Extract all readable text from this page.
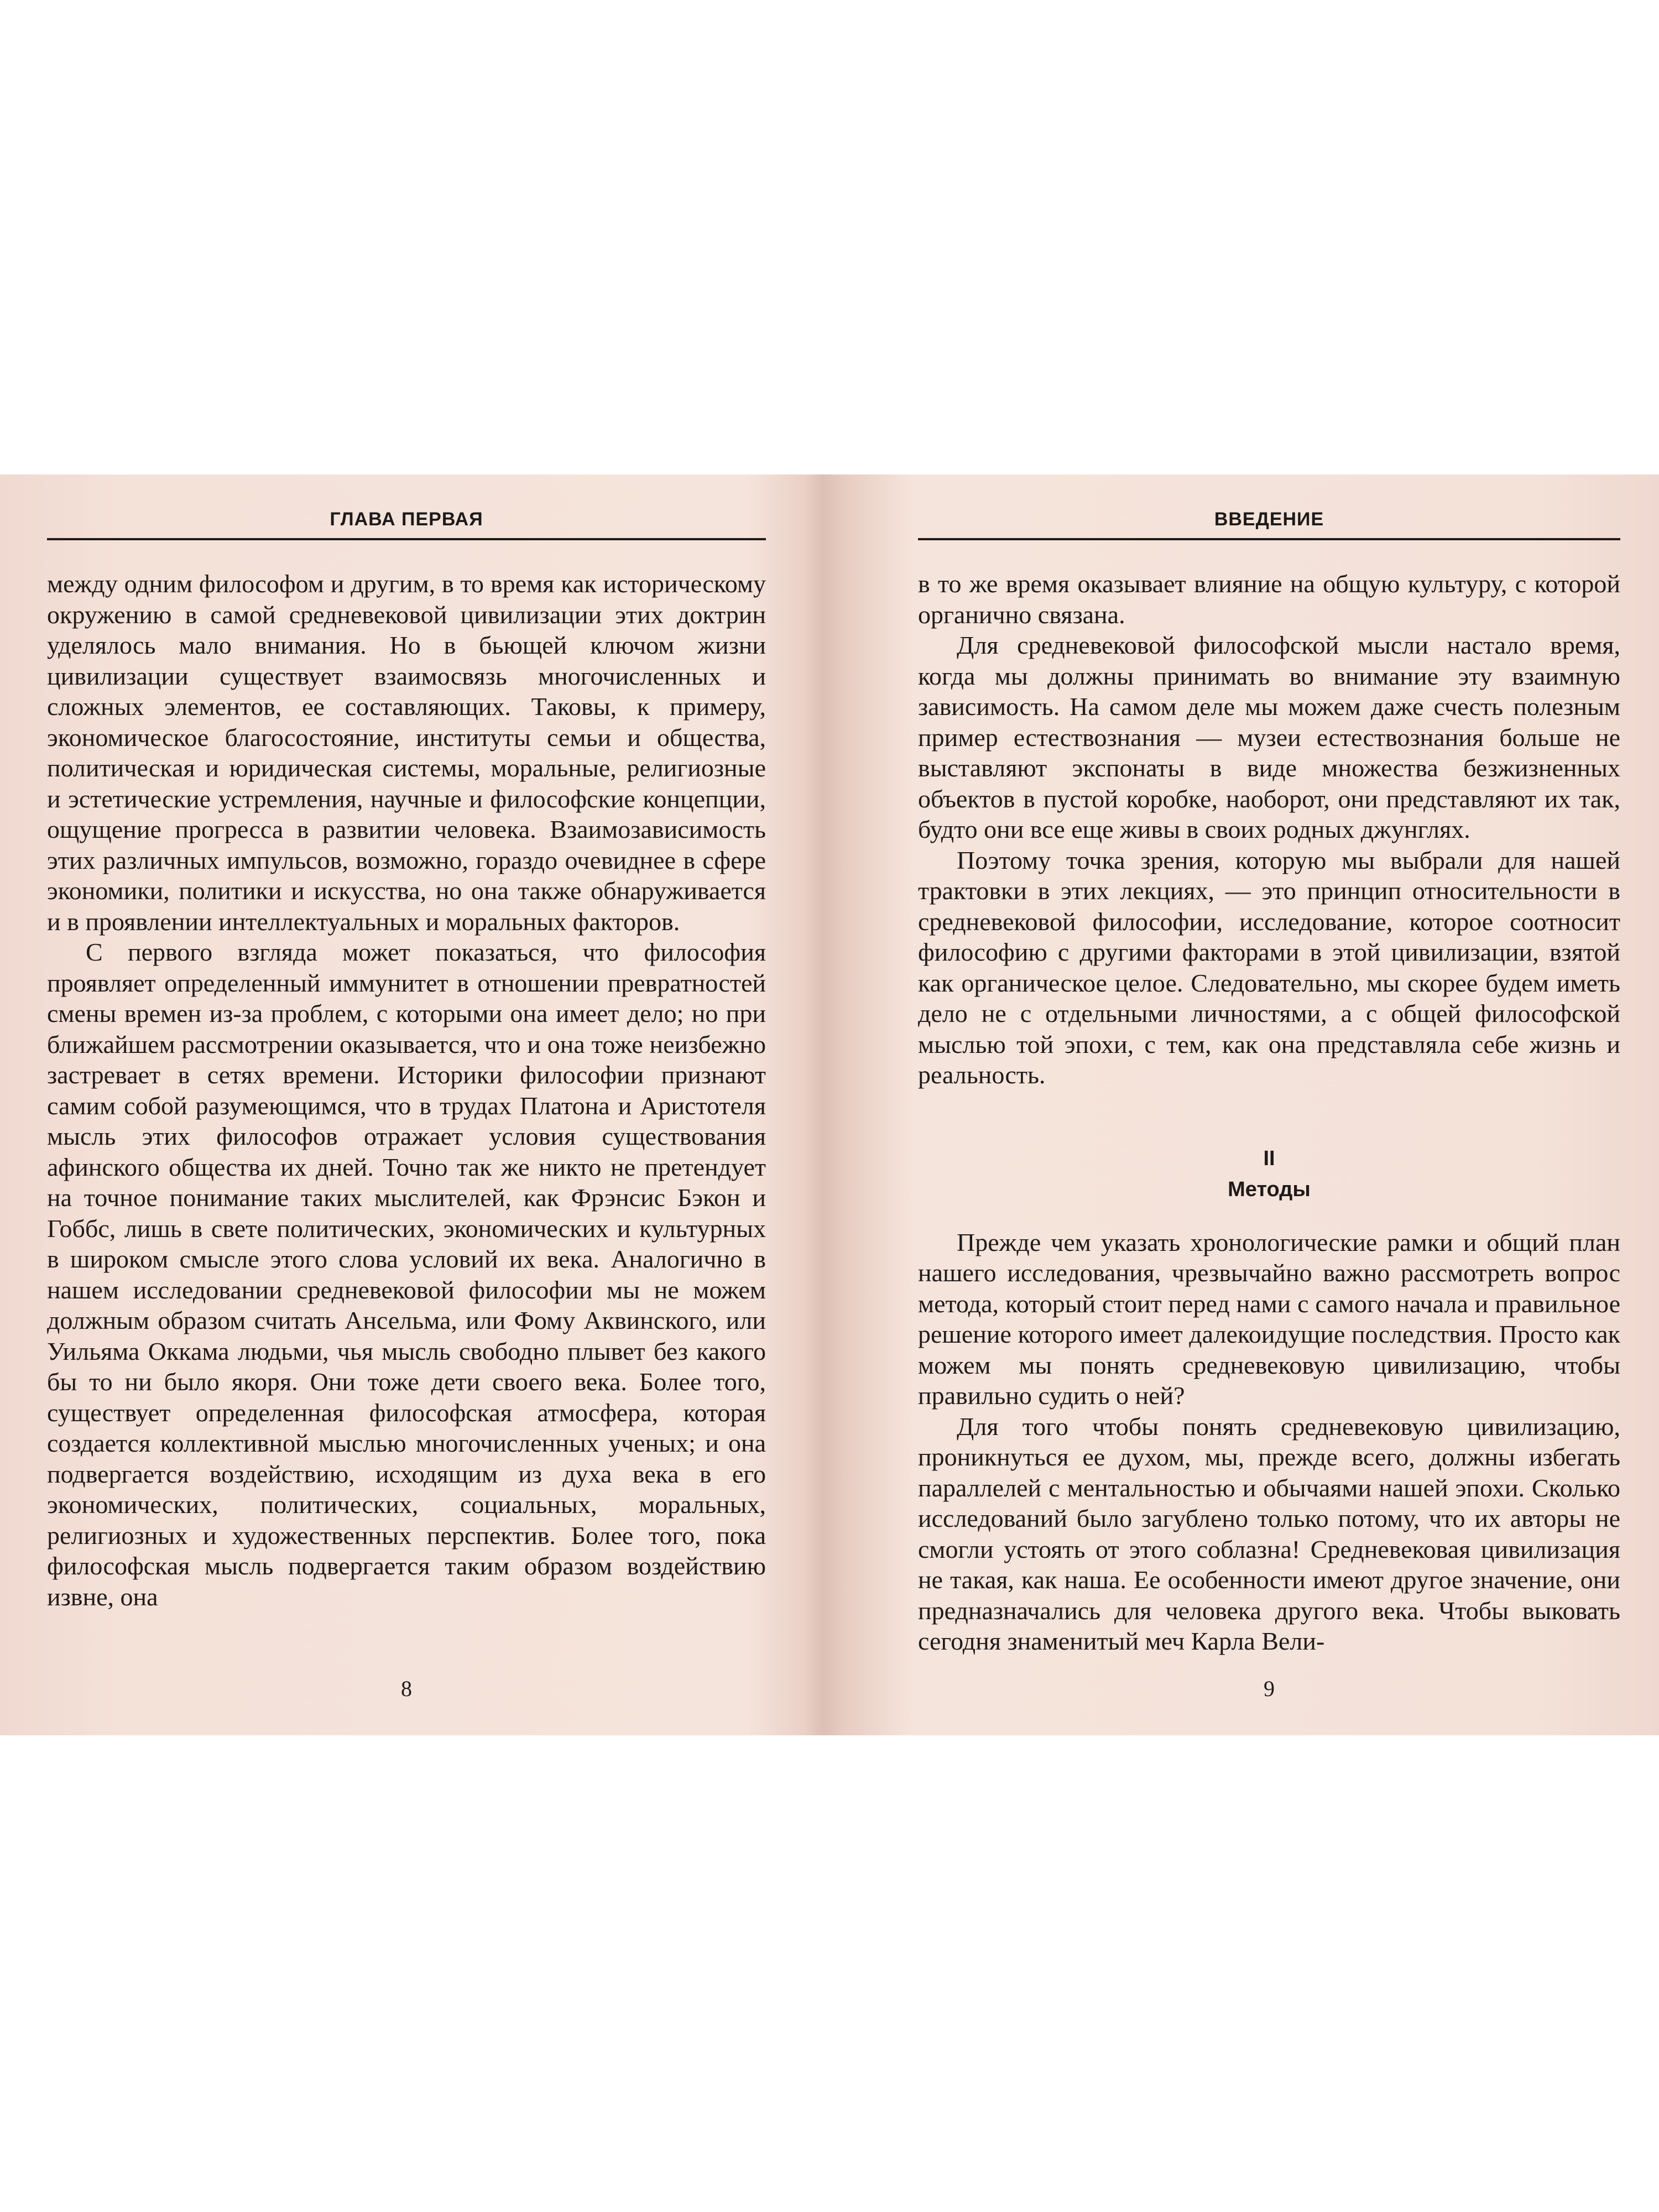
ГЛАВА ПЕРВАЯ

между одним философом и другим, в то время как историческому окружению в самой средневековой цивилизации этих доктрин уделялось мало внимания. Но в бьющей ключом жизни цивилизации существует взаимосвязь многочисленных и сложных элементов, ее составляющих. Таковы, к примеру, экономическое благосостояние, институты семьи и общества, политическая и юридическая системы, моральные, религиозные и эстетические устремления, научные и философские концепции, ощущение прогресса в развитии человека. Взаимозависимость этих различных импульсов, возможно, гораздо очевиднее в сфере экономики, политики и искусства, но она также обнаруживается и в проявлении интеллектуальных и моральных факторов.

С первого взгляда может показаться, что философия проявляет определенный иммунитет в отношении превратностей смены времен из-за проблем, с которыми она имеет дело; но при ближайшем рассмотрении оказывается, что и она тоже неизбежно застревает в сетях времени. Историки философии признают самим собой разумеющимся, что в трудах Платона и Аристотеля мысль этих философов отражает условия существования афинского общества их дней. Точно так же никто не претендует на точное понимание таких мыслителей, как Фрэнсис Бэкон и Гоббс, лишь в свете политических, экономических и культурных в широком смысле этого слова условий их века. Аналогично в нашем исследовании средневековой философии мы не можем должным образом считать Ансельма, или Фому Аквинского, или Уильяма Оккама людьми, чья мысль свободно плывет без какого бы то ни было якоря. Они тоже дети своего века. Более того, существует определенная философская атмосфера, которая создается коллективной мыслью многочисленных ученых; и она подвергается воздействию, исходящим из духа века в его экономических, политических, социальных, моральных, религиозных и художественных перспектив. Более того, пока философская мысль подвергается таким образом воздействию извне, она

8
ВВЕДЕНИЕ

в то же время оказывает влияние на общую культуру, с которой органично связана.

Для средневековой философской мысли настало время, когда мы должны принимать во внимание эту взаимную зависимость. На самом деле мы можем даже счесть полезным пример естествознания — музеи естествознания больше не выставляют экспонаты в виде множества безжизненных объектов в пустой коробке, наоборот, они представляют их так, будто они все еще живы в своих родных джунглях.

Поэтому точка зрения, которую мы выбрали для нашей трактовки в этих лекциях, — это принцип относительности в средневековой философии, исследование, которое соотносит философию с другими факторами в этой цивилизации, взятой как органическое целое. Следовательно, мы скорее будем иметь дело не с отдельными личностями, а с общей философской мыслью той эпохи, с тем, как она представляла себе жизнь и реальность.

II
Методы

Прежде чем указать хронологические рамки и общий план нашего исследования, чрезвычайно важно рассмотреть вопрос метода, который стоит перед нами с самого начала и правильное решение которого имеет далекоидущие последствия. Просто как можем мы понять средневековую цивилизацию, чтобы правильно судить о ней?

Для того чтобы понять средневековую цивилизацию, проникнуться ее духом, мы, прежде всего, должны избегать параллелей с ментальностью и обычаями нашей эпохи. Сколько исследований было загублено только потому, что их авторы не смогли устоять от этого соблазна! Средневековая цивилизация не такая, как наша. Ее особенности имеют другое значение, они предназначались для человека другого века. Чтобы выковать сегодня знаменитый меч Карла Вели-

9
